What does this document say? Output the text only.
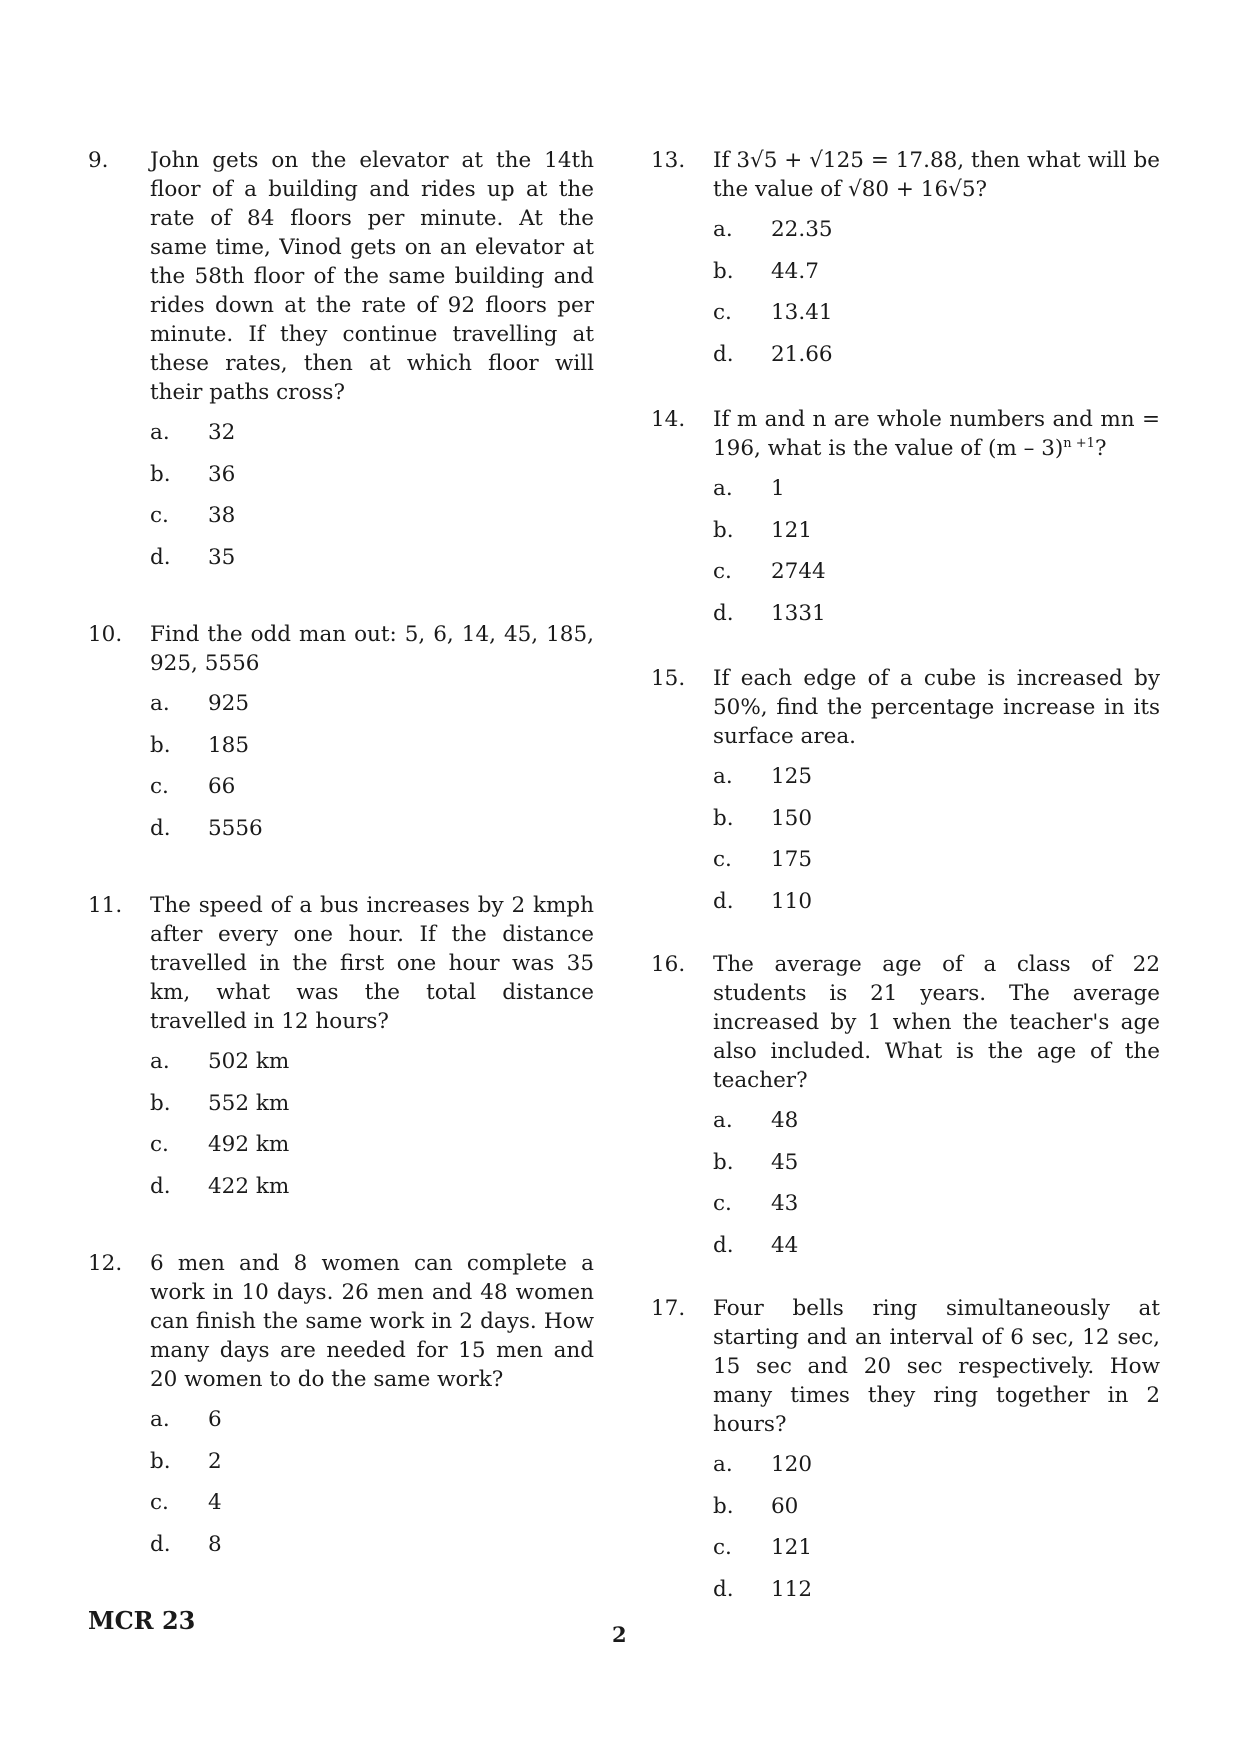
9. John gets on the elevator at the 14th floor of a building and rides up at the rate of 84 floors per minute. At the same time, Vinod gets on an elevator at the 58th floor of the same building and rides down at the rate of 92 floors per minute. If they continue travelling at these rates, then at which floor will their paths cross?
a. 32
b. 36
c. 38
d. 35
10. Find the odd man out: 5, 6, 14, 45, 185, 925, 5556
a. 925
b. 185
c. 66
d. 5556
11. The speed of a bus increases by 2 kmph after every one hour. If the distance travelled in the first one hour was 35 km, what was the total distance travelled in 12 hours?
a. 502 km
b. 552 km
c. 492 km
d. 422 km
12. 6 men and 8 women can complete a work in 10 days. 26 men and 48 women can finish the same work in 2 days. How many days are needed for 15 men and 20 women to do the same work?
a. 6
b. 2
c. 4
d. 8
13. If 3√5 + √125 = 17.88, then what will be the value of √80 + 16√5?
a. 22.35
b. 44.7
c. 13.41
d. 21.66
14. If m and n are whole numbers and mn = 196, what is the value of (m – 3)$^{n +1}$?
a. 1
b. 121
c. 2744
d. 1331
15. If each edge of a cube is increased by 50%, find the percentage increase in its surface area.
a. 125
b. 150
c. 175
d. 110
16. The average age of a class of 22 students is 21 years. The average increased by 1 when the teacher's age also included. What is the age of the teacher?
a. 48
b. 45
c. 43
d. 44
17. Four bells ring simultaneously at starting and an interval of 6 sec, 12 sec, 15 sec and 20 sec respectively. How many times they ring together in 2 hours?
a. 120
b. 60
c. 121
d. 112
MCR 23	2
